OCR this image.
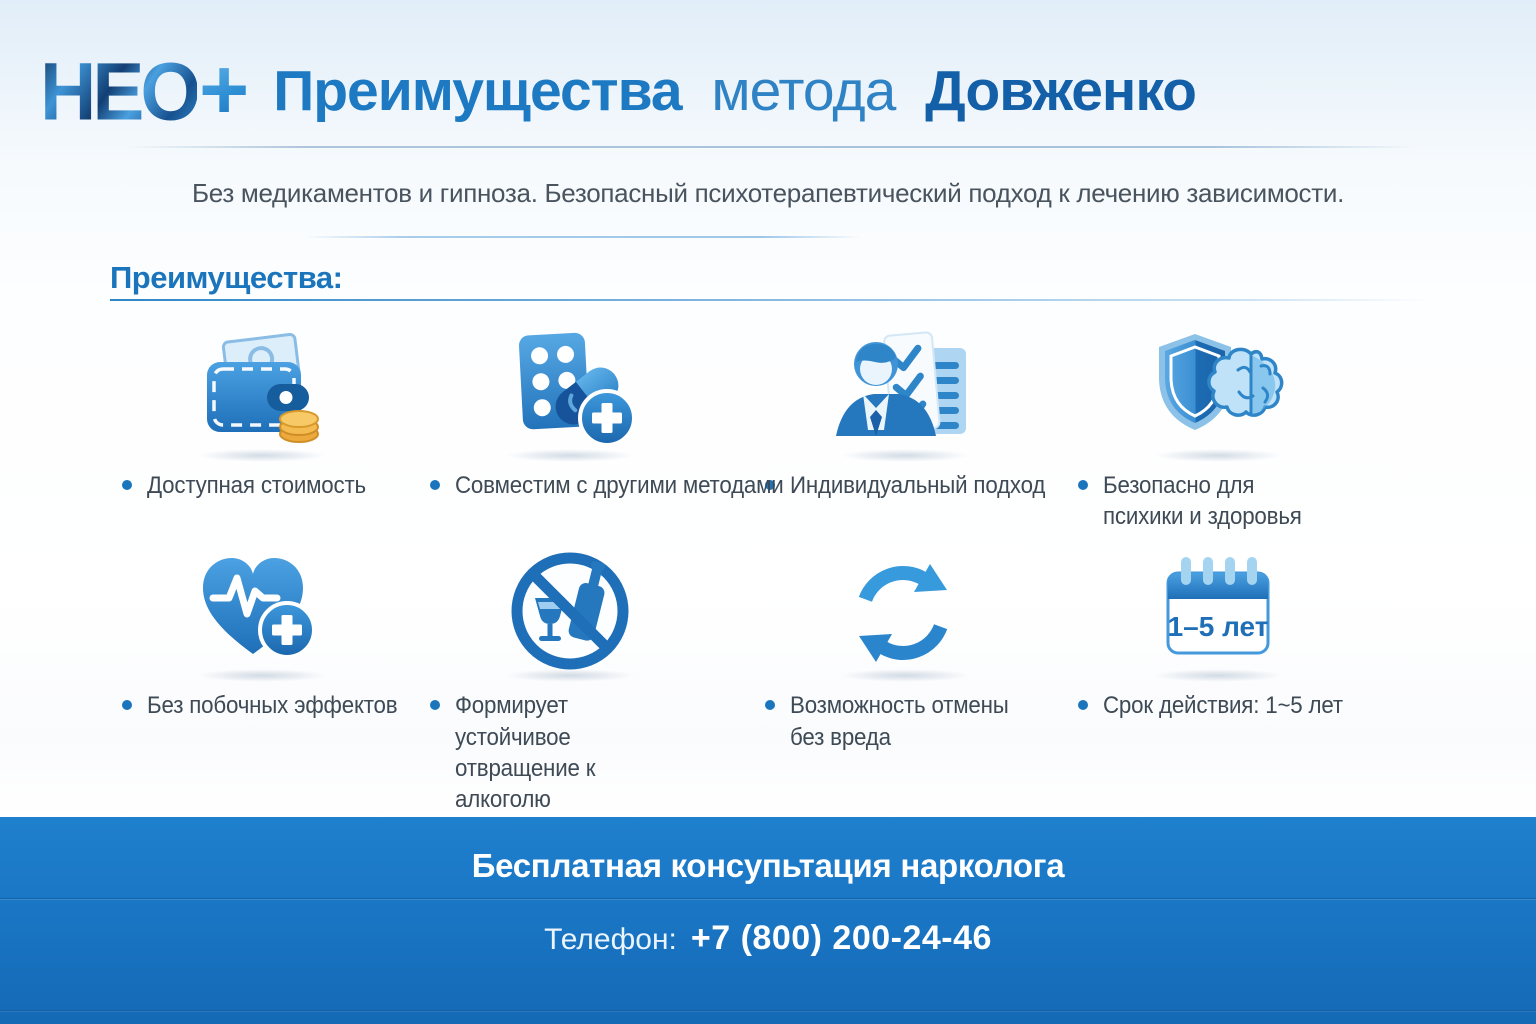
НЕО + Преимущества метода Довженко

Без медикаментов и гипноза. Безопасный психотерапевтический подход к лечению зависимости.

Преимущества:
Доступная стоимость	Совместим с другими методами Индивидуальный подход Безопасно для психики и здоровья
Без побочных эффектов Формирует устойчивое отвращение к алкоголю
Возможность отмены без вреда
1–5 лет
Срок действия: 1~5 лет
Бесплатная консупьтация нарколога
Телефон: +7 (800) 200-24-46
